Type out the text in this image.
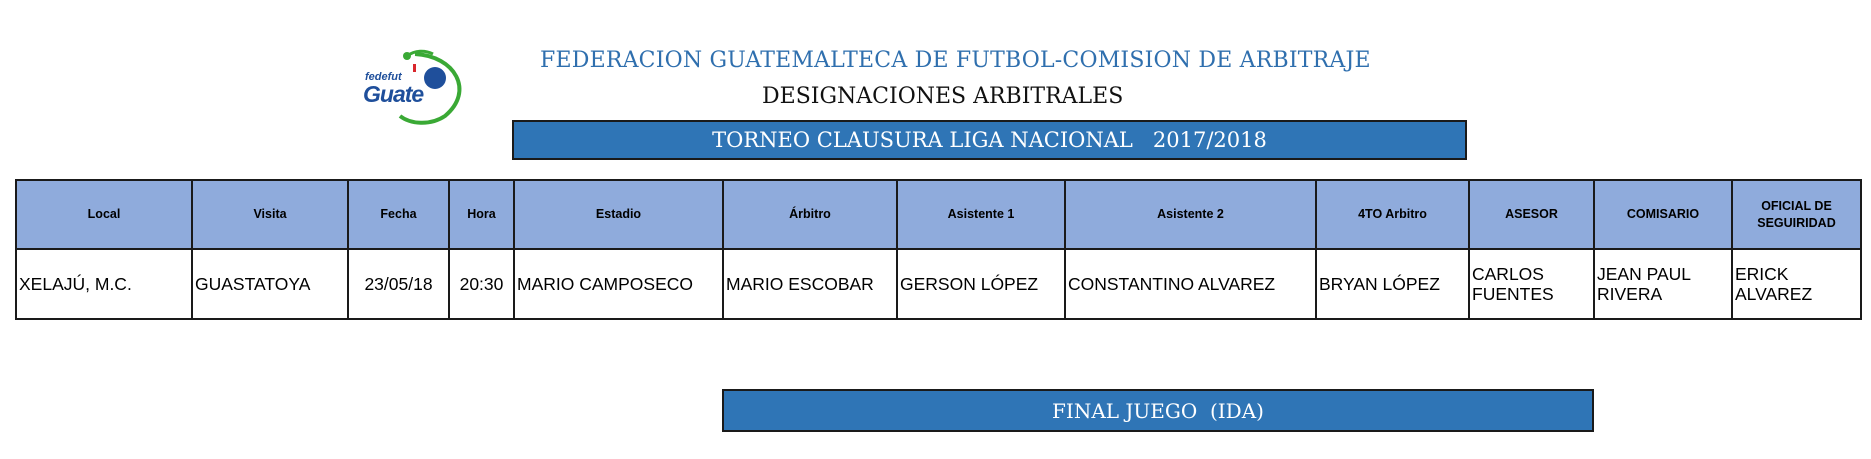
fedefut
Guate
FEDERACION GUATEMALTECA DE FUTBOL-COMISION DE ARBITRAJE
DESIGNACIONES ARBITRALES
TORNEO CLAUSURA LIGA NACIONAL   2017/2018
Local	Visita	Fecha	Hora	Estadio	Árbitro	Asistente 1	Asistente 2	4TO Arbitro	ASESOR	COMISARIO	OFICIAL DE SEGUIRIDAD
XELAJÚ, M.C.	GUASTATOYA	23/05/18	20:30	MARIO CAMPOSECO	MARIO ESCOBAR	GERSON LÓPEZ	CONSTANTINO ALVAREZ	BRYAN LÓPEZ	CARLOS FUENTES	JEAN PAUL RIVERA	ERICK ALVAREZ
FINAL JUEGO  (IDA)
